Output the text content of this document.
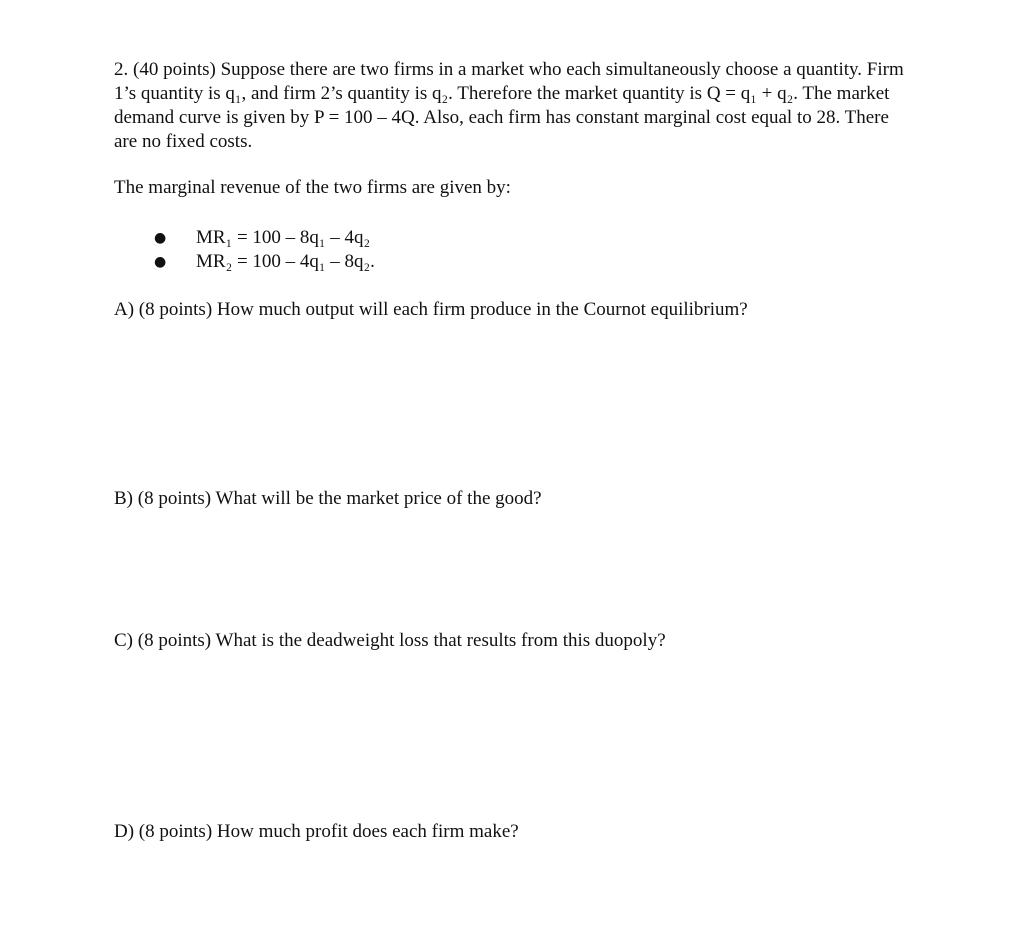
2. (40 points) Suppose there are two firms in a market who each simultaneously choose a quantity. Firm 1’s quantity is q₁, and firm 2’s quantity is q₂. Therefore the market quantity is Q = q₁ + q₂. The market demand curve is given by P = 100 – 4Q. Also, each firm has constant marginal cost equal to 28. There are no fixed costs.

The marginal revenue of the two firms are given by:

● MR₁ = 100 – 8q₁ – 4q₂
● MR₂ = 100 – 4q₁ – 8q₂.

A) (8 points) How much output will each firm produce in the Cournot equilibrium?

B) (8 points) What will be the market price of the good?

C) (8 points) What is the deadweight loss that results from this duopoly?

D) (8 points) How much profit does each firm make?
